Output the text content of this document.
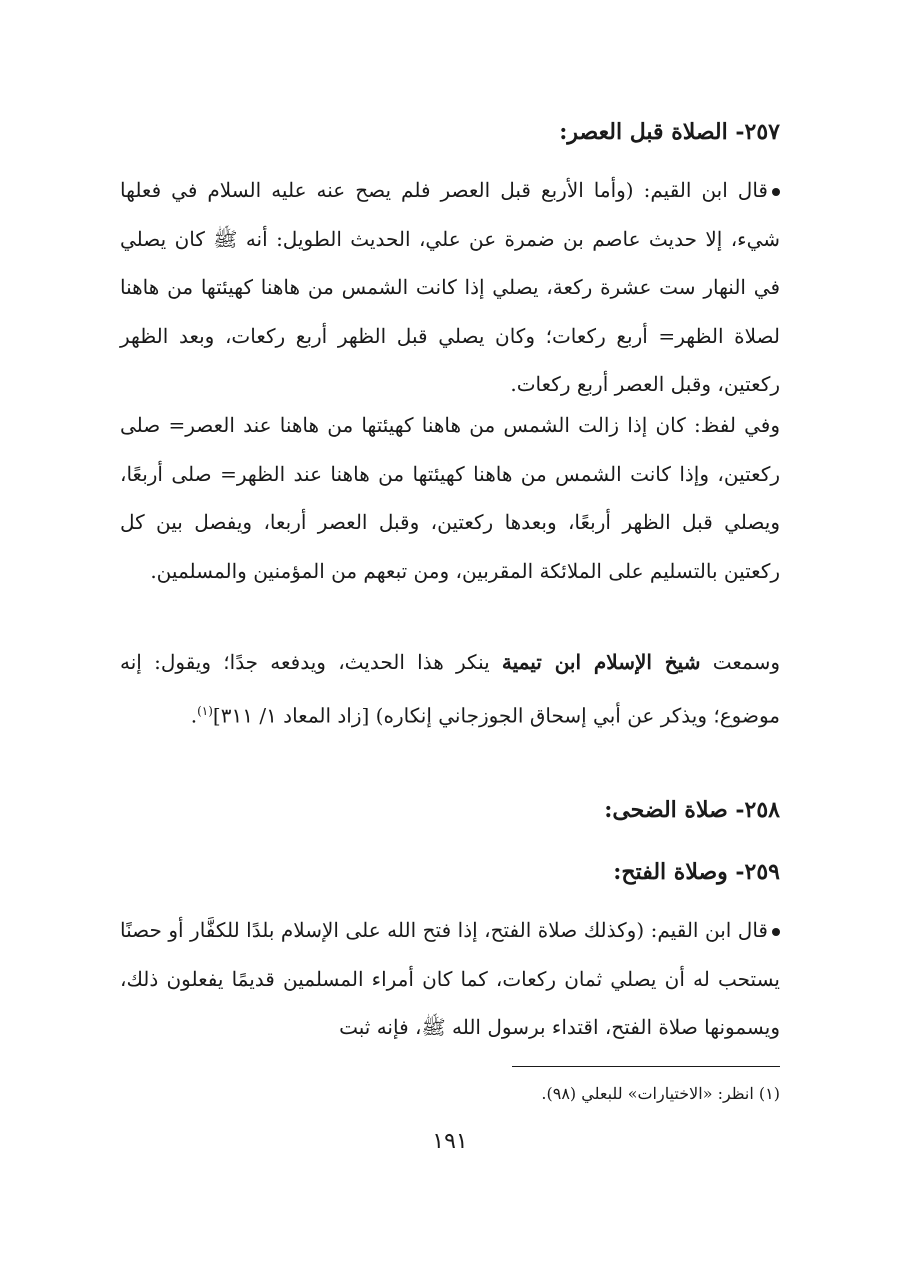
٢٥٧- الصلاة قبل العصر:

قال ابن القيم: (وأما الأربع قبل العصر فلم يصح عنه عليه السلام في فعلها شيء، إلا حديث عاصم بن ضمرة عن علي، الحديث الطويل: أنه ﷺ كان يصلي في النهار ست عشرة ركعة، يصلي إذا كانت الشمس من هاهنا كهيئتها من هاهنا لصلاة الظهر= أربع ركعات؛ وكان يصلي قبل الظهر أربع ركعات، وبعد الظهر ركعتين، وقبل العصر أربع ركعات.

وفي لفظ: كان إذا زالت الشمس من هاهنا كهيئتها من هاهنا عند العصر= صلى ركعتين، وإذا كانت الشمس من هاهنا كهيئتها من هاهنا عند الظهر= صلى أربعًا، ويصلي قبل الظهر أربعًا، وبعدها ركعتين، وقبل العصر أربعا، ويفصل بين كل ركعتين بالتسليم على الملائكة المقربين، ومن تبعهم من المؤمنين والمسلمين.

وسمعت شيخ الإسلام ابن تيمية ينكر هذا الحديث، ويدفعه جدًا؛ ويقول: إنه موضوع؛ ويذكر عن أبي إسحاق الجوزجاني إنكاره) [زاد المعاد ١/ ٣١١]$^{(١)}$.

٢٥٨- صلاة الضحى:
٢٥٩- وصلاة الفتح:

قال ابن القيم: (وكذلك صلاة الفتح، إذا فتح الله على الإسلام بلدًا للكفَّار أو حصنًا يستحب له أن يصلي ثمان ركعات، كما كان أمراء المسلمين قديمًا يفعلون ذلك، ويسمونها صلاة الفتح، اقتداء برسول الله ﷺ، فإنه ثبت

(١) انظر: «الاختيارات» للبعلي (٩٨).

١٩١
